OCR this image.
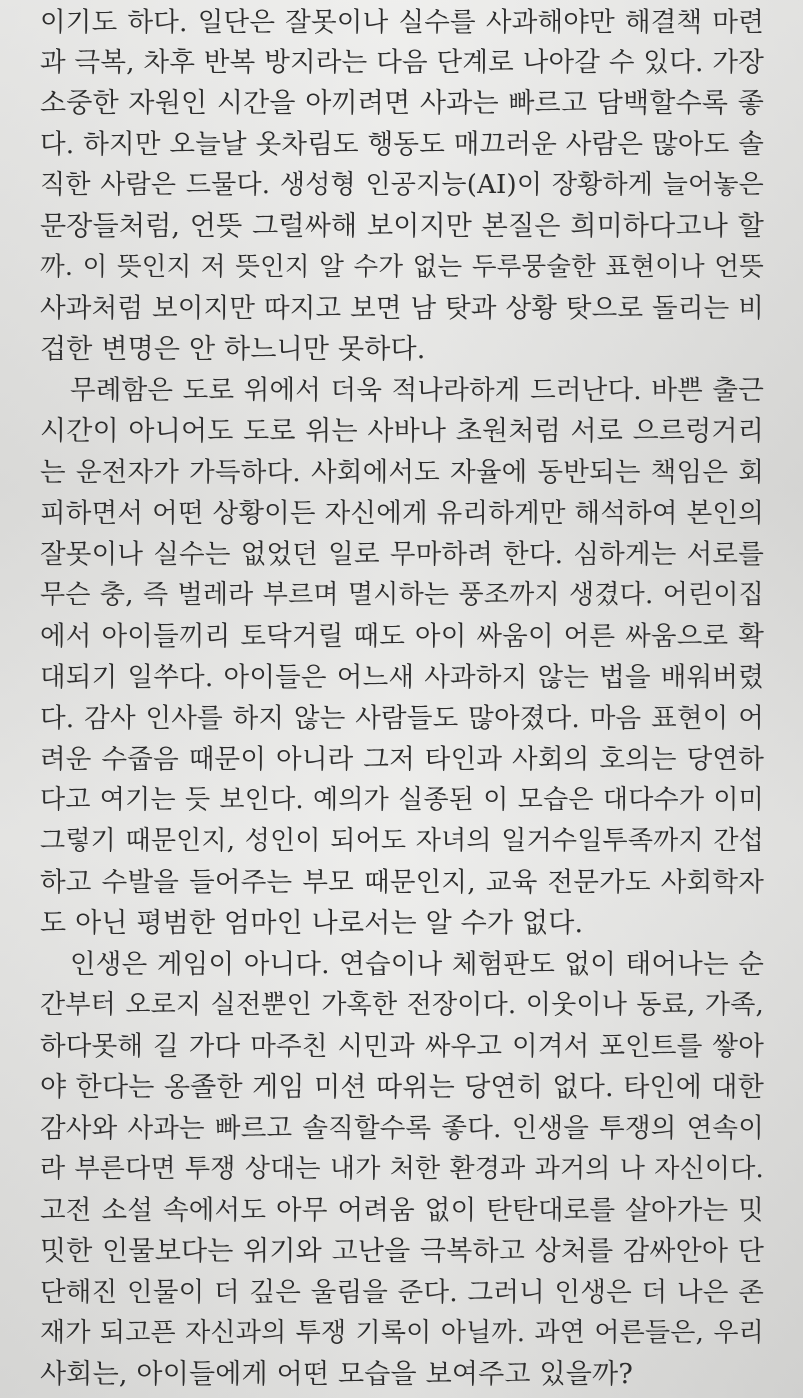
이기도 하다. 일단은 잘못이나 실수를 사과해야만 해결책 마련
과 극복, 차후 반복 방지라는 다음 단계로 나아갈 수 있다. 가장
소중한 자원인 시간을 아끼려면 사과는 빠르고 담백할수록 좋
다. 하지만 오늘날 옷차림도 행동도 매끄러운 사람은 많아도 솔
직한 사람은 드물다. 생성형 인공지능(AI)이 장황하게 늘어놓은
문장들처럼, 언뜻 그럴싸해 보이지만 본질은 희미하다고나 할
까. 이 뜻인지 저 뜻인지 알 수가 없는 두루뭉술한 표현이나 언뜻
사과처럼 보이지만 따지고 보면 남 탓과 상황 탓으로 돌리는 비
겁한 변명은 안 하느니만 못하다.
무례함은 도로 위에서 더욱 적나라하게 드러난다. 바쁜 출근
시간이 아니어도 도로 위는 사바나 초원처럼 서로 으르렁거리
는 운전자가 가득하다. 사회에서도 자율에 동반되는 책임은 회
피하면서 어떤 상황이든 자신에게 유리하게만 해석하여 본인의
잘못이나 실수는 없었던 일로 무마하려 한다. 심하게는 서로를
무슨 충, 즉 벌레라 부르며 멸시하는 풍조까지 생겼다. 어린이집
에서 아이들끼리 토닥거릴 때도 아이 싸움이 어른 싸움으로 확
대되기 일쑤다. 아이들은 어느새 사과하지 않는 법을 배워버렸
다. 감사 인사를 하지 않는 사람들도 많아졌다. 마음 표현이 어
려운 수줍음 때문이 아니라 그저 타인과 사회의 호의는 당연하
다고 여기는 듯 보인다. 예의가 실종된 이 모습은 대다수가 이미
그렇기 때문인지, 성인이 되어도 자녀의 일거수일투족까지 간섭
하고 수발을 들어주는 부모 때문인지, 교육 전문가도 사회학자
도 아닌 평범한 엄마인 나로서는 알 수가 없다.
인생은 게임이 아니다. 연습이나 체험판도 없이 태어나는 순
간부터 오로지 실전뿐인 가혹한 전장이다. 이웃이나 동료, 가족,
하다못해 길 가다 마주친 시민과 싸우고 이겨서 포인트를 쌓아
야 한다는 옹졸한 게임 미션 따위는 당연히 없다. 타인에 대한
감사와 사과는 빠르고 솔직할수록 좋다. 인생을 투쟁의 연속이
라 부른다면 투쟁 상대는 내가 처한 환경과 과거의 나 자신이다.
고전 소설 속에서도 아무 어려움 없이 탄탄대로를 살아가는 밋
밋한 인물보다는 위기와 고난을 극복하고 상처를 감싸안아 단
단해진 인물이 더 깊은 울림을 준다. 그러니 인생은 더 나은 존
재가 되고픈 자신과의 투쟁 기록이 아닐까. 과연 어른들은, 우리
사회는, 아이들에게 어떤 모습을 보여주고 있을까?
